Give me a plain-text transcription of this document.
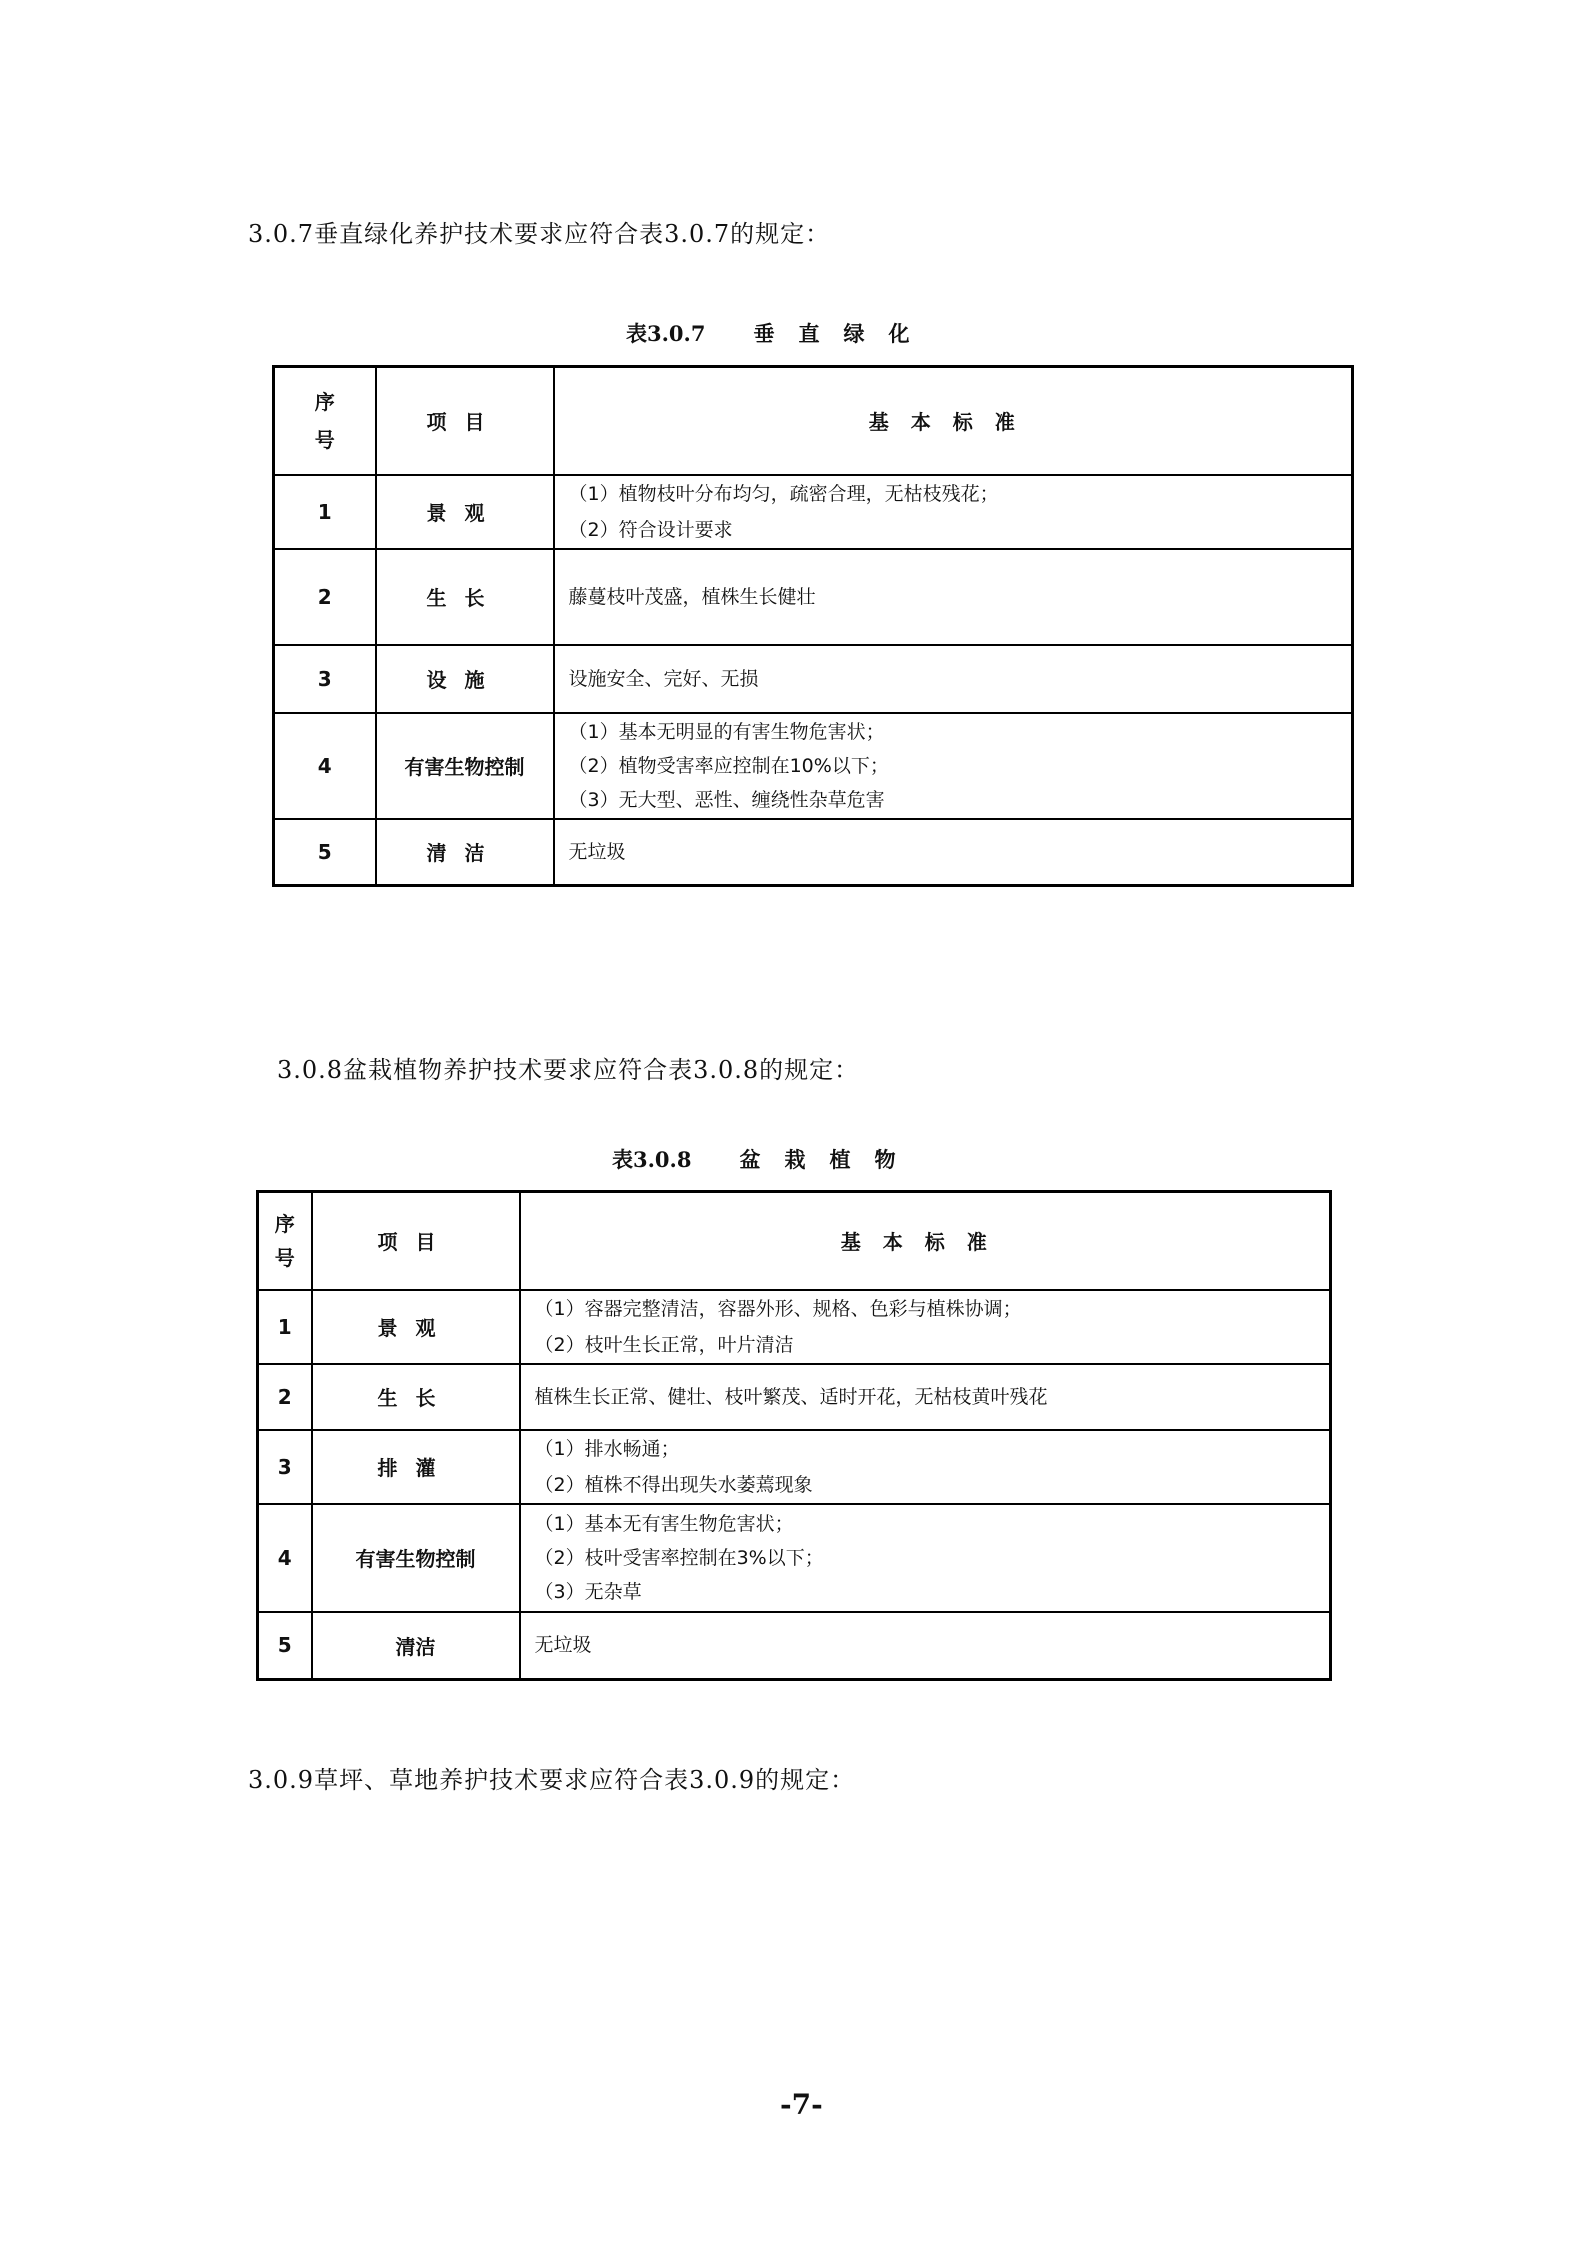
3.0.7垂直绿化养护技术要求应符合表3.0.7的规定：
表3.0.7 垂直绿化
序号	项目	基本标准
1	景观	（1）植物枝叶分布均匀，疏密合理，无枯枝残花；
（2）符合设计要求

2	生长	藤蔓枝叶茂盛，植株生长健壮

3	设施	设施安全、完好、无损

4	有害生物控制	（1）基本无明显的有害生物危害状；
（2）植物受害率应控制在10%以下；
（3）无大型、恶性、缠绕性杂草危害

5	清洁	无垃圾
3.0.8盆栽植物养护技术要求应符合表3.0.8的规定：
表3.0.8 盆栽植物
序号	项目	基本标准
1	景观	（1）容器完整清洁，容器外形、规格、色彩与植株协调；
（2）枝叶生长正常，叶片清洁

2	生长	植株生长正常、健壮、枝叶繁茂、适时开花，无枯枝黄叶残花

3	排灌	（1）排水畅通；
（2）植株不得出现失水萎蔫现象

4	有害生物控制	（1）基本无有害生物危害状；
（2）枝叶受害率控制在3%以下；
（3）无杂草

5	清洁	无垃圾
3.0.9草坪、草地养护技术要求应符合表3.0.9的规定：
-7-
